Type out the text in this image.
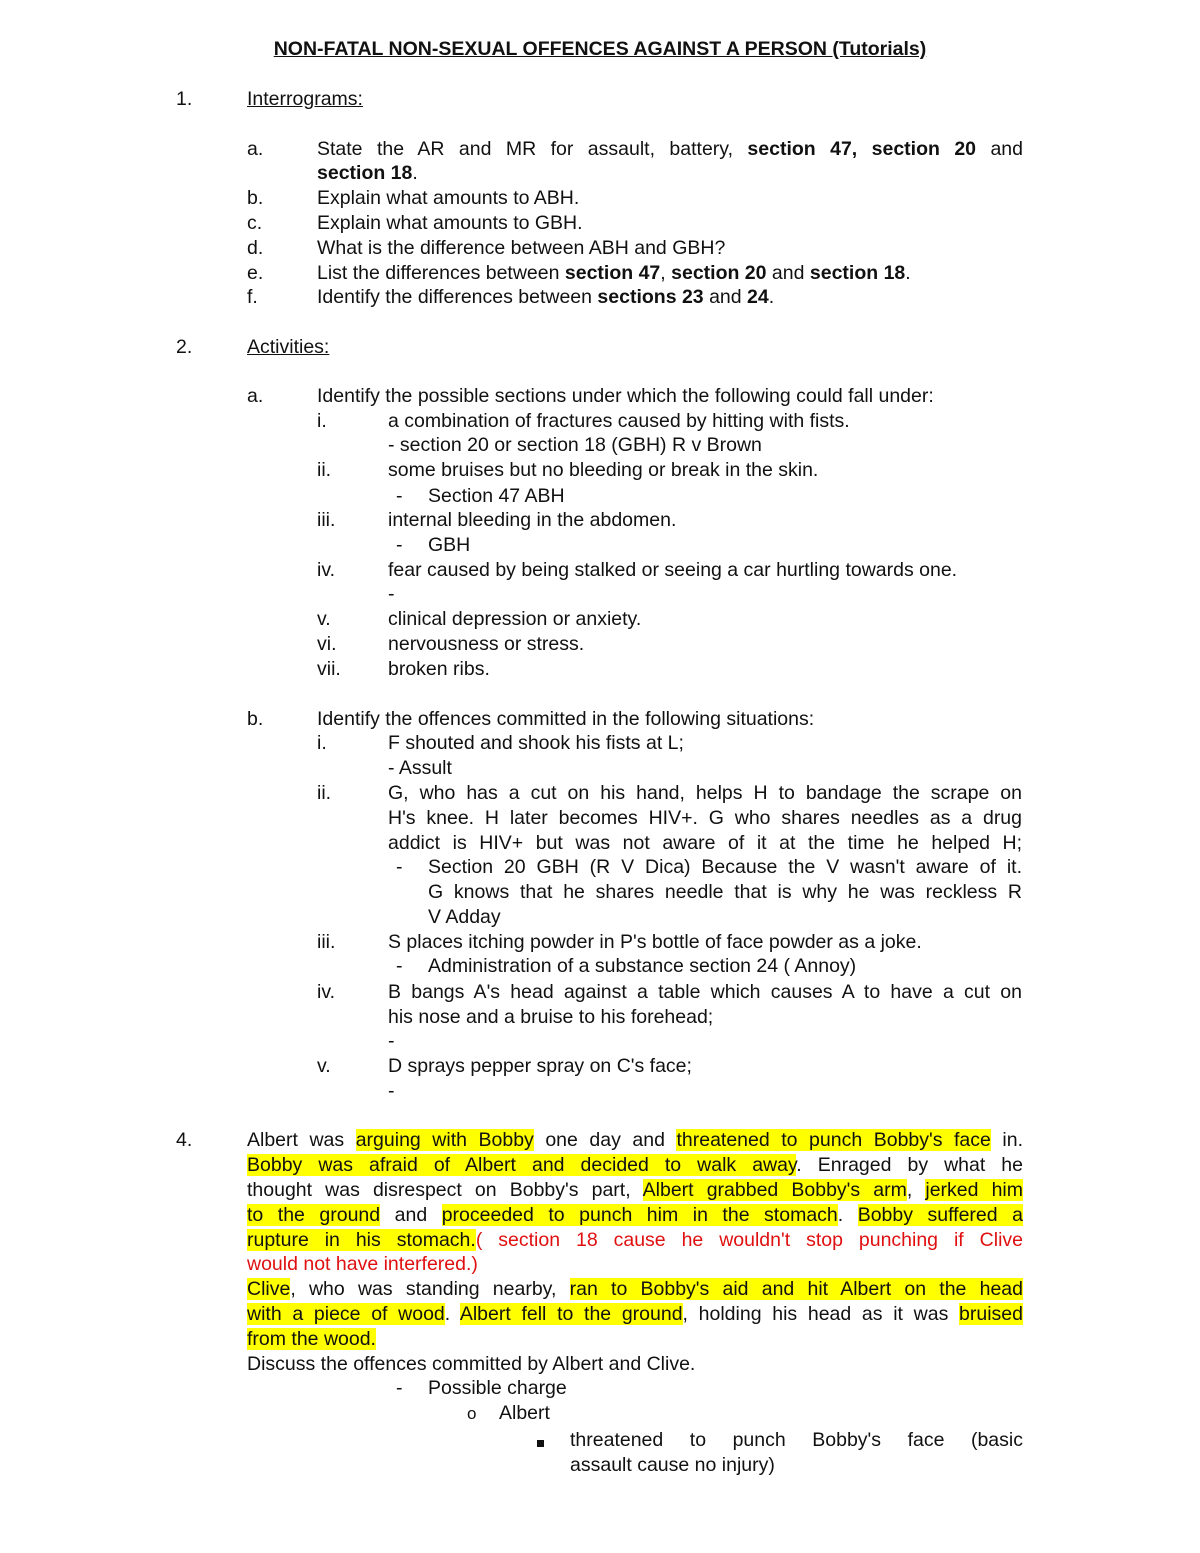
NON-FATAL NON-SEXUAL OFFENCES AGAINST A PERSON (Tutorials)
1.	Interrograms:
a.	State the AR and MR for assault, battery, section 47, section 20 and
section 18.
b.	Explain what amounts to ABH.
c.	Explain what amounts to GBH.
d.	What is the difference between ABH and GBH?
e.	List the differences between section 47, section 20 and section 18.
f.	Identify the differences between sections 23 and 24.
2.	Activities:
a.	Identify the possible sections under which the following could fall under:
i.	a combination of fractures caused by hitting with fists.
- section 20 or section 18 (GBH) R v Brown
ii.	some bruises but no bleeding or break in the skin.
- Section 47 ABH
iii.	internal bleeding in the abdomen.
- GBH
iv.	fear caused by being stalked or seeing a car hurtling towards one.
-
v.	clinical depression or anxiety.
vi.	nervousness or stress.
vii. broken ribs.
b.	Identify the offences committed in the following situations:
i.	F shouted and shook his fists at L;
- Assult
ii.	G, who has a cut on his hand, helps H to bandage the scrape on
H's knee. H later becomes HIV+. G who shares needles as a drug
addict is HIV+ but was not aware of it at the time he helped H;
- Section 20 GBH (R V Dica) Because the V wasn't aware of it.
G knows that he shares needle that is why he was reckless R
V Adday
iii.	S places itching powder in P's bottle of face powder as a joke.
- Administration of a substance section 24 ( Annoy)
iv.	B bangs A's head against a table which causes A to have a cut on
his nose and a bruise to his forehead;
-
v.	D sprays pepper spray on C's face;
-
4.	Albert was arguing with Bobby one day and threatened to punch Bobby's face in.
Bobby was afraid of Albert and decided to walk away. Enraged by what he
thought was disrespect on Bobby's part, Albert grabbed Bobby's arm, jerked him
to the ground and proceeded to punch him in the stomach. Bobby suffered a
rupture in his stomach.( section 18 cause he wouldn't stop punching if Clive
would not have interfered.)
Clive, who was standing nearby, ran to Bobby's aid and hit Albert on the head
with a piece of wood. Albert fell to the ground, holding his head as it was bruised
from the wood.
Discuss the offences committed by Albert and Clive.
- Possible charge
o Albert
threatened to punch Bobby's face (basic
assault cause no injury)
